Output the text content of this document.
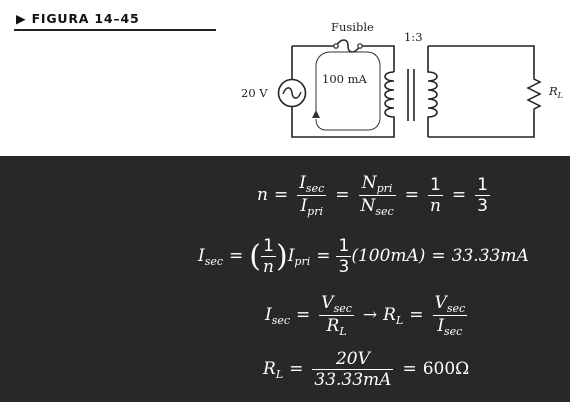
▶ FIGURA 14–45
Fusible
1:3
100 mA
20 V	$R_L$
$n = \frac{I_{sec}}{I_{pri}} = \frac{N_{pri}}{N_{sec}} = \frac{1}{n} = \frac{1}{3}$
$I_{sec}$ = ( $\frac{1}{n} )I_{pri} = \frac{1}{3} (100mA) = 33.33mA$
$I_{sec} = \frac{V_{sec}}{R_L} \to R_L = \frac{V_{sec}}{I_{sec}}$
$R_L = \frac{20V}{33.33mA} = 600\Omega$
